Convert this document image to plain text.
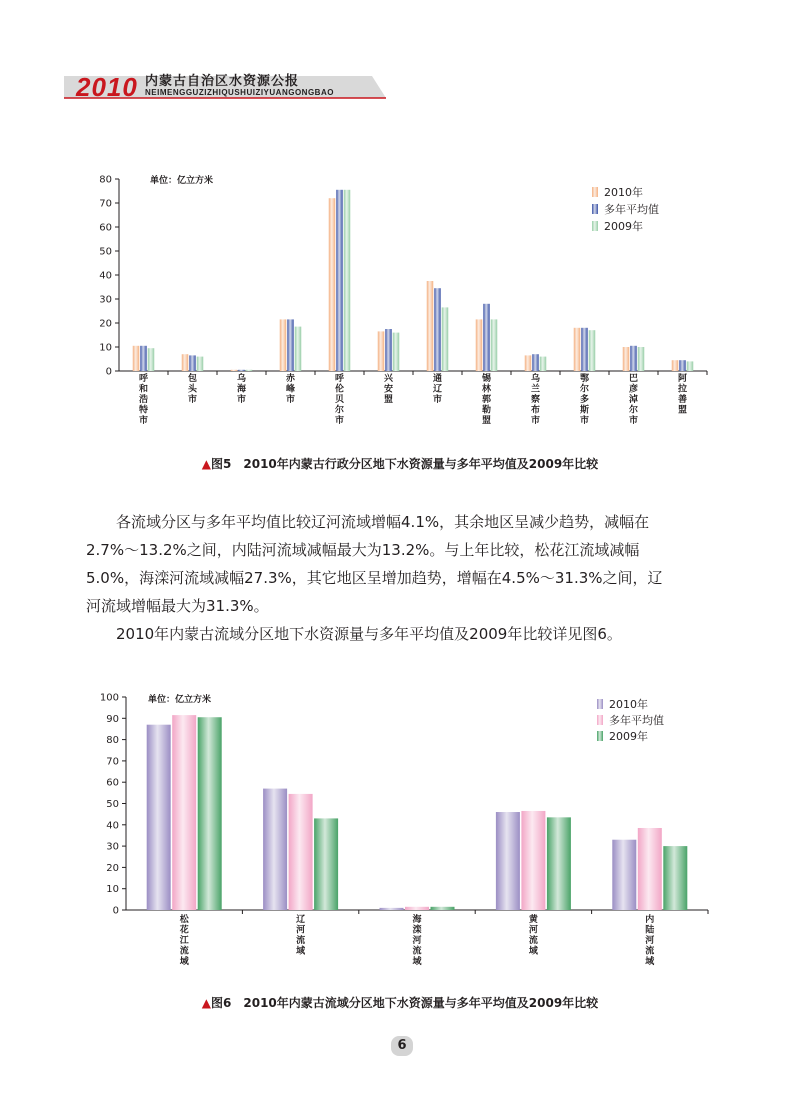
2010 内蒙古自治区水资源公报
NEIMENGGUZIZHIQUSHUIZIYUANGONGBAO
0
10
20
30
40
50
60
70
80	单位：亿立方米
呼和浩特市
包头市
乌海市
赤峰市
呼伦贝尔市
兴安盟
通辽市
锡林郭勒盟
乌兰察布市
鄂尔多斯市
巴彦淖尔市
阿拉善盟
2010年
多年平均值
2009年
▲图5　2010年内蒙古行政分区地下水资源量与多年平均值及2009年比较
各流域分区与多年平均值比较辽河流域增幅4.1%，其余地区呈减少趋势，减幅在
2.7%～13.2%之间，内陆河流域减幅最大为13.2%。与上年比较，松花江流域减幅
5.0%，海滦河流域减幅27.3%，其它地区呈增加趋势，增幅在4.5%～31.3%之间，辽
河流域增幅最大为31.3%。
2010年内蒙古流域分区地下水资源量与多年平均值及2009年比较详见图6。
0
10
20
30
40
50
60
70
80
90
100	单位：亿立方米
松花江流域
辽河流域
海滦河流域
黄河流域
内陆河流域
2010年
多年平均值
2009年
▲图6　2010年内蒙古流域分区地下水资源量与多年平均值及2009年比较
6
